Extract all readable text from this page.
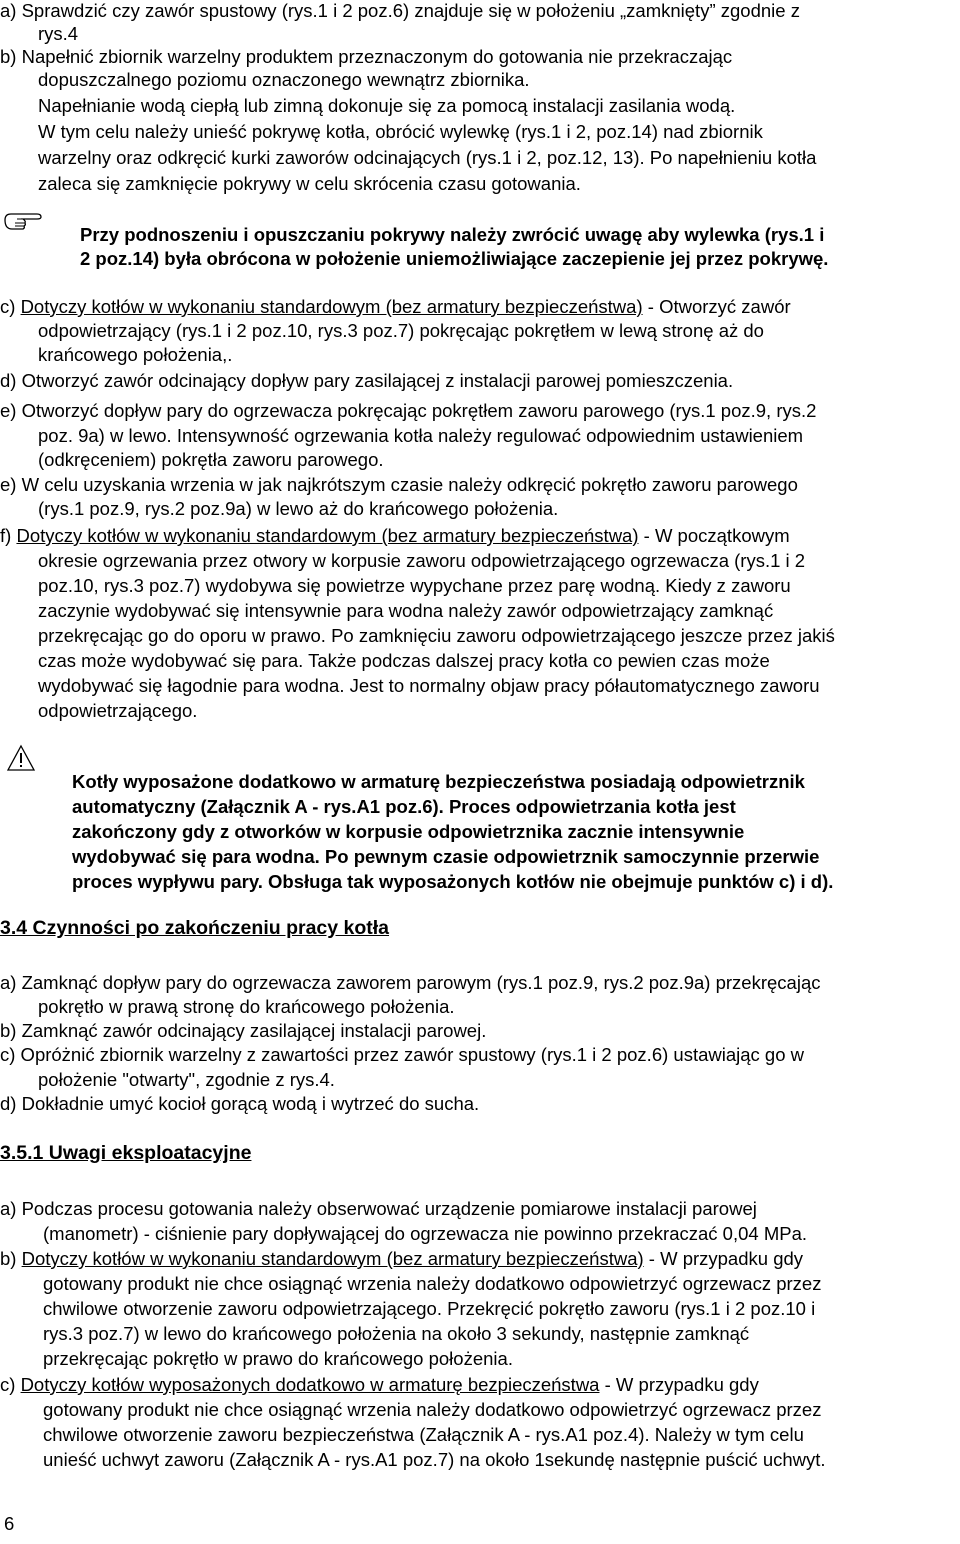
a) Sprawdzić czy zawór spustowy (rys.1 i 2 poz.6) znajduje się w położeniu „zamknięty” zgodnie z
rys.4
b) Napełnić zbiornik warzelny produktem przeznaczonym do gotowania nie przekraczając
dopuszczalnego poziomu oznaczonego wewnątrz zbiornika.
Napełnianie wodą ciepłą lub zimną dokonuje się za pomocą instalacji zasilania wodą.
W tym celu należy unieść pokrywę kotła, obrócić wylewkę (rys.1 i 2, poz.14) nad zbiornik
warzelny oraz odkręcić kurki zaworów odcinających (rys.1 i 2, poz.12, 13). Po napełnieniu kotła
zaleca się zamknięcie pokrywy w celu skrócenia czasu gotowania.
Przy podnoszeniu i opuszczaniu pokrywy należy zwrócić uwagę aby wylewka (rys.1 i
2 poz.14) była obrócona w położenie uniemożliwiające zaczepienie jej przez pokrywę.
c) Dotyczy kotłów w wykonaniu standardowym (bez armatury bezpieczeństwa) - Otworzyć zawór
odpowietrzający (rys.1 i 2 poz.10, rys.3 poz.7) pokręcając pokrętłem w lewą stronę aż do
krańcowego położenia,.
d) Otworzyć zawór odcinający dopływ pary zasilającej z instalacji parowej pomieszczenia.
e) Otworzyć dopływ pary do ogrzewacza pokręcając pokrętłem zaworu parowego (rys.1 poz.9, rys.2
poz. 9a) w lewo. Intensywność ogrzewania kotła należy regulować odpowiednim ustawieniem
(odkręceniem) pokrętła zaworu parowego.
e) W celu uzyskania wrzenia w jak najkrótszym czasie należy odkręcić pokrętło zaworu parowego
(rys.1 poz.9, rys.2 poz.9a) w lewo aż do krańcowego położenia.
f) Dotyczy kotłów w wykonaniu standardowym (bez armatury bezpieczeństwa) - W początkowym
okresie ogrzewania przez otwory w korpusie zaworu odpowietrzającego ogrzewacza (rys.1 i 2
poz.10, rys.3 poz.7) wydobywa się powietrze wypychane przez parę wodną. Kiedy z zaworu
zaczynie wydobywać się intensywnie para wodna należy zawór odpowietrzający zamknąć
przekręcając go do oporu w prawo. Po zamknięciu zaworu odpowietrzającego jeszcze przez jakiś
czas może wydobywać się para. Także podczas dalszej pracy kotła co pewien czas może
wydobywać się łagodnie para wodna. Jest to normalny objaw pracy półautomatycznego zaworu
odpowietrzającego.
Kotły wyposażone dodatkowo w armaturę bezpieczeństwa posiadają odpowietrznik
automatyczny (Załącznik A - rys.A1 poz.6). Proces odpowietrzania kotła jest
zakończony gdy z otworków w korpusie odpowietrznika zacznie intensywnie
wydobywać się para wodna. Po pewnym czasie odpowietrznik samoczynnie przerwie
proces wypływu pary. Obsługa tak wyposażonych kotłów nie obejmuje punktów c) i d).
3.4 Czynności po zakończeniu pracy kotła
a) Zamknąć dopływ pary do ogrzewacza zaworem parowym (rys.1 poz.9, rys.2 poz.9a) przekręcając
pokrętło w prawą stronę do krańcowego położenia.
b) Zamknąć zawór odcinający zasilającej instalacji parowej.
c) Opróżnić zbiornik warzelny z zawartości przez zawór spustowy (rys.1 i 2 poz.6) ustawiając go w
położenie "otwarty", zgodnie z rys.4.
d) Dokładnie umyć kocioł gorącą wodą i wytrzeć do sucha.
3.5.1 Uwagi eksploatacyjne
a) Podczas procesu gotowania należy obserwować urządzenie pomiarowe instalacji parowej
(manometr) - ciśnienie pary dopływającej do ogrzewacza nie powinno przekraczać 0,04 MPa.
b) Dotyczy kotłów w wykonaniu standardowym (bez armatury bezpieczeństwa) - W przypadku gdy
gotowany produkt nie chce osiągnąć wrzenia należy dodatkowo odpowietrzyć ogrzewacz przez
chwilowe otworzenie zaworu odpowietrzającego. Przekręcić pokrętło zaworu (rys.1 i 2 poz.10 i
rys.3 poz.7) w lewo do krańcowego położenia na około 3 sekundy, następnie zamknąć
przekręcając pokrętło w prawo do krańcowego położenia.
c) Dotyczy kotłów wyposażonych dodatkowo w armaturę bezpieczeństwa - W przypadku gdy
gotowany produkt nie chce osiągnąć wrzenia należy dodatkowo odpowietrzyć ogrzewacz przez
chwilowe otworzenie zaworu bezpieczeństwa (Załącznik A - rys.A1 poz.4). Należy w tym celu
unieść uchwyt zaworu (Załącznik A - rys.A1 poz.7) na około 1sekundę następnie puścić uchwyt.
6
